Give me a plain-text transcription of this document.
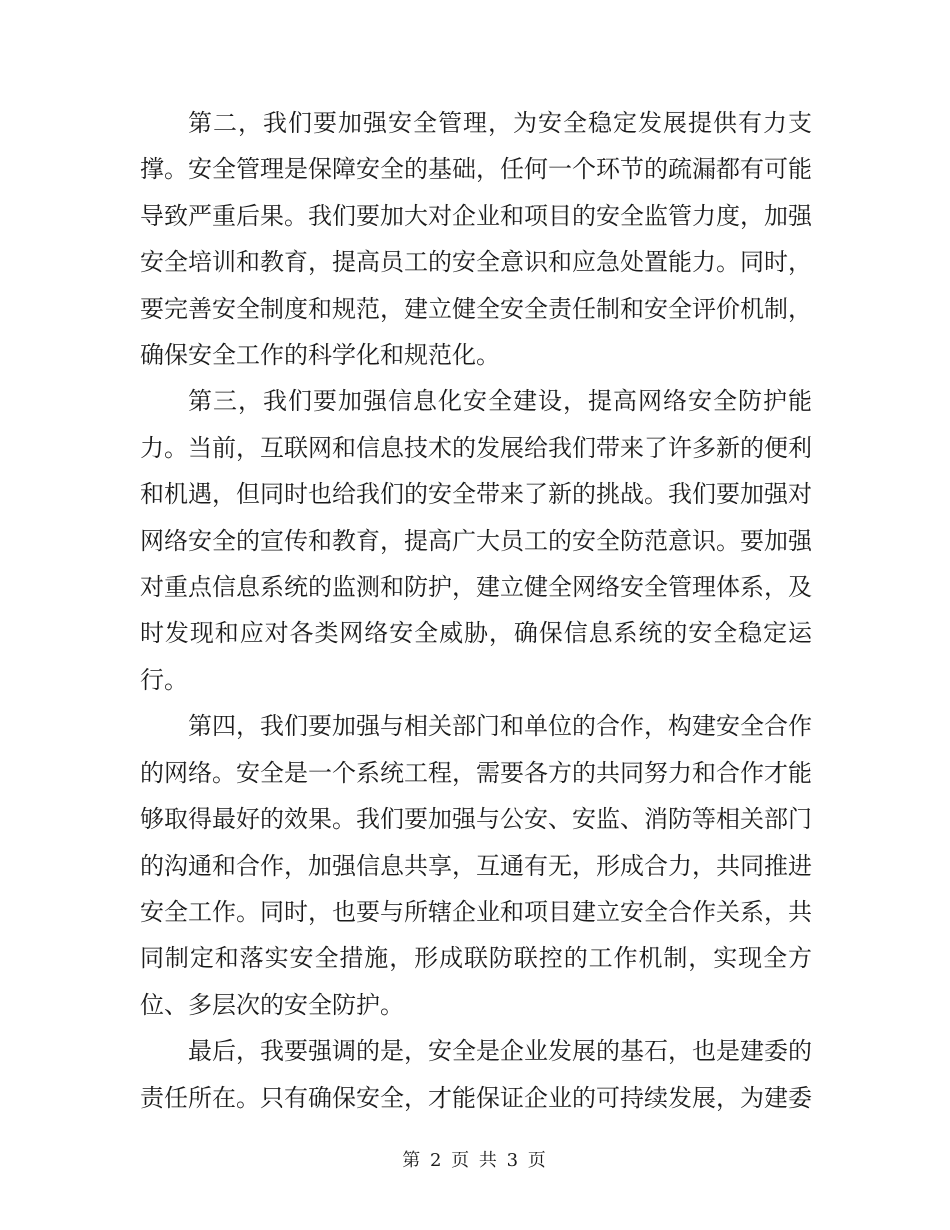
第二，我们要加强安全管理，为安全稳定发展提供有力支撑。安全管理是保障安全的基础，任何一个环节的疏漏都有可能导致严重后果。我们要加大对企业和项目的安全监管力度，加强安全培训和教育，提高员工的安全意识和应急处置能力。同时，要完善安全制度和规范，建立健全安全责任制和安全评价机制，确保安全工作的科学化和规范化。

第三，我们要加强信息化安全建设，提高网络安全防护能力。当前，互联网和信息技术的发展给我们带来了许多新的便利和机遇，但同时也给我们的安全带来了新的挑战。我们要加强对网络安全的宣传和教育，提高广大员工的安全防范意识。要加强对重点信息系统的监测和防护，建立健全网络安全管理体系，及时发现和应对各类网络安全威胁，确保信息系统的安全稳定运行。

第四，我们要加强与相关部门和单位的合作，构建安全合作的网络。安全是一个系统工程，需要各方的共同努力和合作才能够取得最好的效果。我们要加强与公安、安监、消防等相关部门的沟通和合作，加强信息共享，互通有无，形成合力，共同推进安全工作。同时，也要与所辖企业和项目建立安全合作关系，共同制定和落实安全措施，形成联防联控的工作机制，实现全方位、多层次的安全防护。

最后，我要强调的是，安全是企业发展的基石，也是建委的责任所在。只有确保安全，才能保证企业的可持续发展，为建委

第 2 页 共 3 页
